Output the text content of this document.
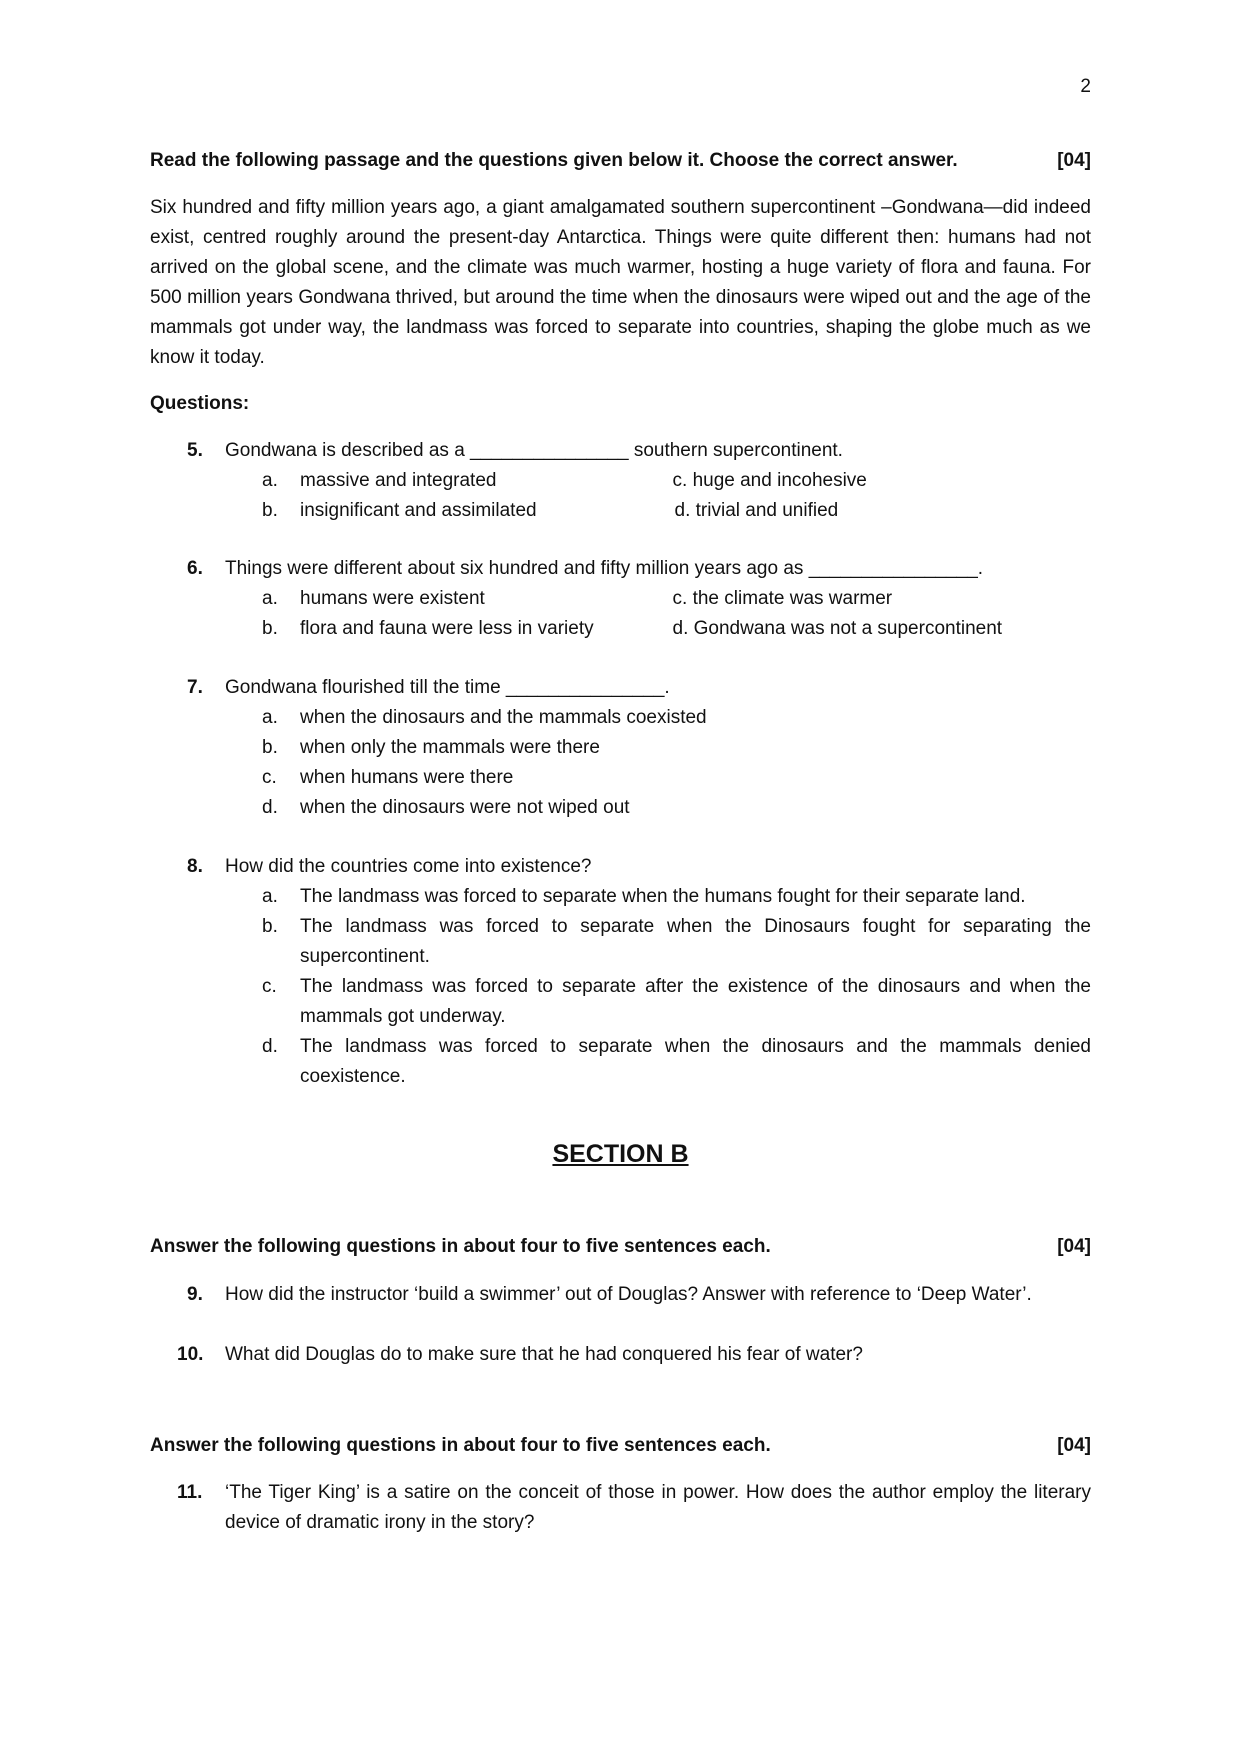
2
Read the following passage and the questions given below it. Choose the correct answer.	[04]
Six hundred and fifty million years ago, a giant amalgamated southern supercontinent –Gondwana—did indeed exist, centred roughly around the present-day Antarctica. Things were quite different then: humans had not arrived on the global scene, and the climate was much warmer, hosting a huge variety of flora and fauna. For 500 million years Gondwana thrived, but around the time when the dinosaurs were wiped out and the age of the mammals got under way, the landmass was forced to separate into countries, shaping the globe much as we know it today.
Questions:
5.	Gondwana is described as a _______________ southern supercontinent.
a.	massive and integrated	c. huge and incohesive
b.	insignificant and assimilated	d. trivial and unified
6.	Things were different about six hundred and fifty million years ago as ________________.
a.	humans were existent	c. the climate was warmer
b.	flora and fauna were less in variety	d. Gondwana was not a supercontinent
7.	Gondwana flourished till the time _______________.
a.	when the dinosaurs and the mammals coexisted
b.	when only the mammals were there
c.	when humans were there
d.	when the dinosaurs were not wiped out
8.	How did the countries come into existence?
a.	The landmass was forced to separate when the humans fought for their separate land.
b.	The landmass was forced to separate when the Dinosaurs fought for separating the supercontinent.
c.	The landmass was forced to separate after the existence of the dinosaurs and when the mammals got underway.
d.	The landmass was forced to separate when the dinosaurs and the mammals denied coexistence.
SECTION B
Answer the following questions in about four to five sentences each.	[04]
9.	How did the instructor ‘build a swimmer’ out of Douglas? Answer with reference to ‘Deep Water’.
10.	What did Douglas do to make sure that he had conquered his fear of water?
Answer the following questions in about four to five sentences each.	[04]
11.	‘The Tiger King’ is a satire on the conceit of those in power. How does the author employ the literary device of dramatic irony in the story?
